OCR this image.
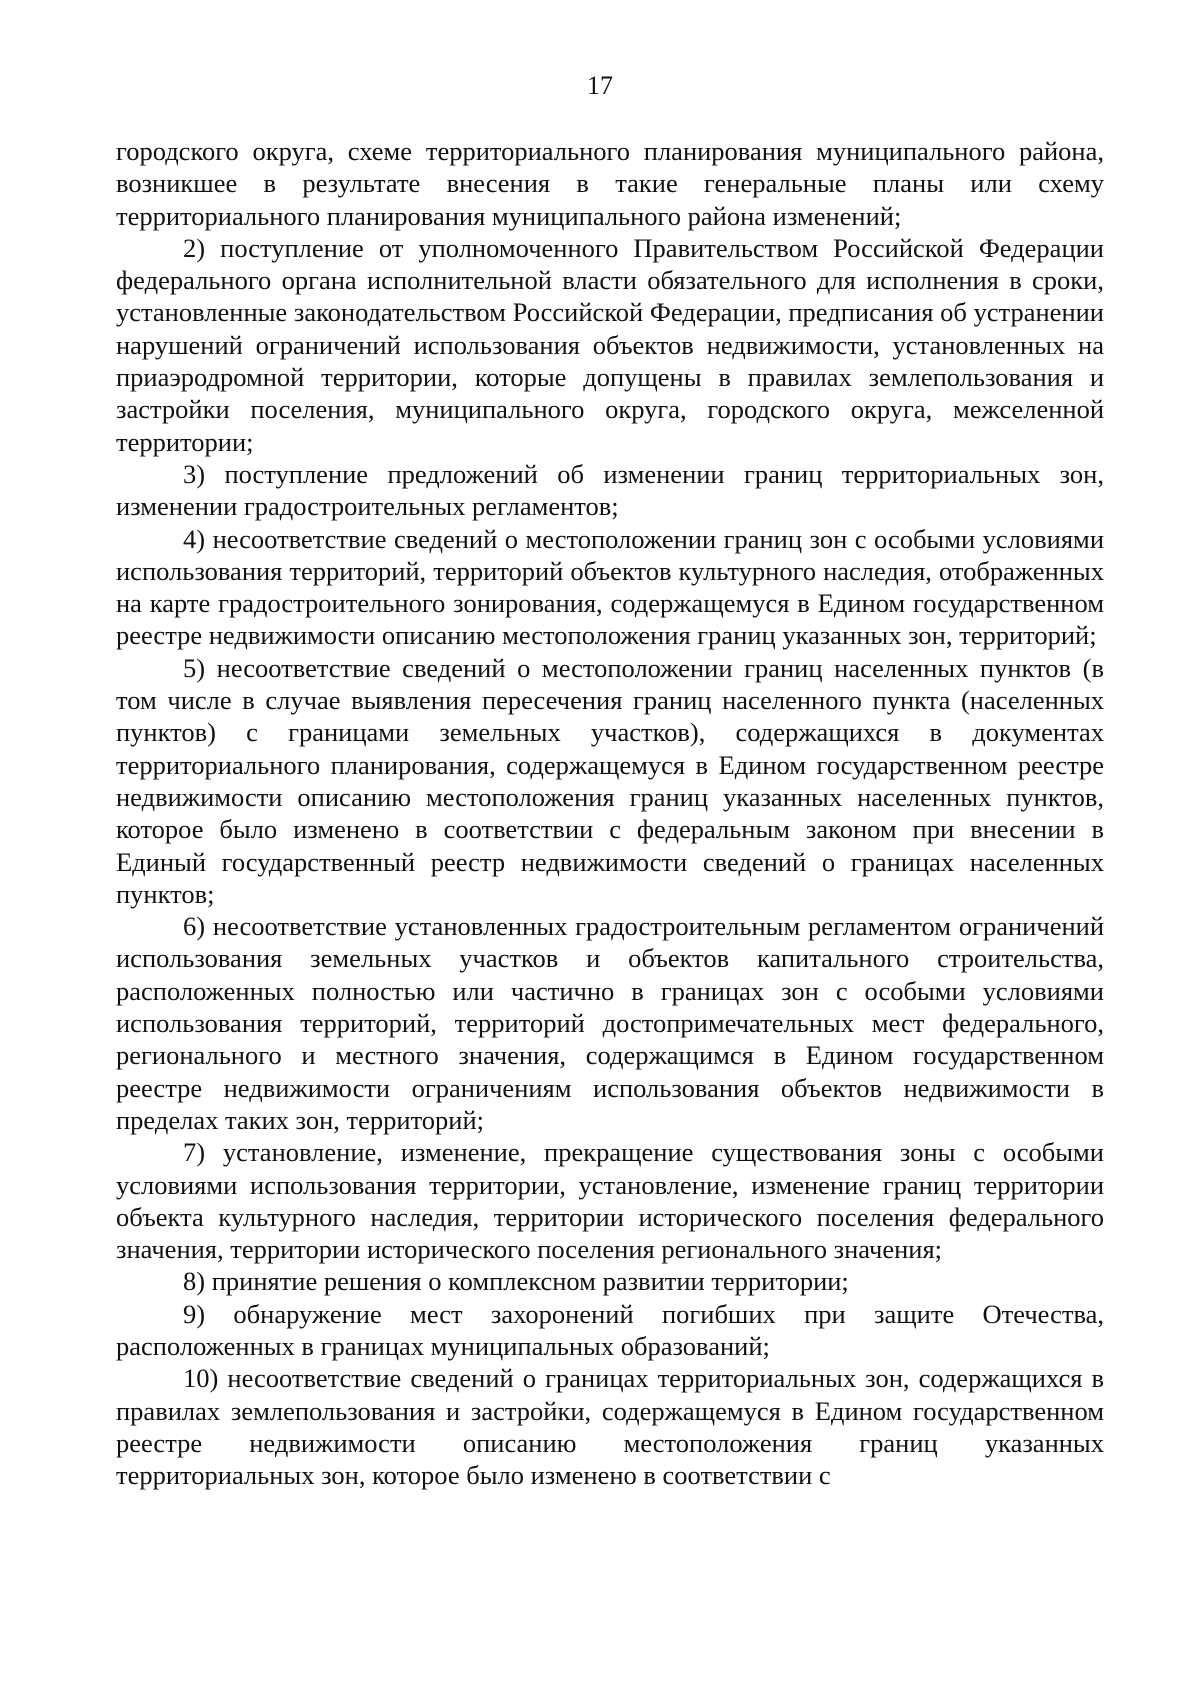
17

городского округа, схеме территориального планирования муниципального района, возникшее в результате внесения в такие генеральные планы или схему территориального планирования муниципального района изменений;

2) поступление от уполномоченного Правительством Российской Федерации федерального органа исполнительной власти обязательного для исполнения в сроки, установленные законодательством Российской Федерации, предписания об устранении нарушений ограничений использования объектов недвижимости, установленных на приаэродромной территории, которые допущены в правилах землепользования и застройки поселения, муниципального округа, городского округа, межселенной территории;

3) поступление предложений об изменении границ территориальных зон, изменении градостроительных регламентов;

4) несоответствие сведений о местоположении границ зон с особыми условиями использования территорий, территорий объектов культурного наследия, отображенных на карте градостроительного зонирования, содержащемуся в Едином государственном реестре недвижимости описанию местоположения границ указанных зон, территорий;

5) несоответствие сведений о местоположении границ населенных пунктов (в том числе в случае выявления пересечения границ населенного пункта (населенных пунктов) с границами земельных участков), содержащихся в документах территориального планирования, содержащемуся в Едином государственном реестре недвижимости описанию местоположения границ указанных населенных пунктов, которое было изменено в соответствии с федеральным законом при внесении в Единый государственный реестр недвижимости сведений о границах населенных пунктов;

6) несоответствие установленных градостроительным регламентом ограничений использования земельных участков и объектов капитального строительства, расположенных полностью или частично в границах зон с особыми условиями использования территорий, территорий достопримечательных мест федерального, регионального и местного значения, содержащимся в Едином государственном реестре недвижимости ограничениям использования объектов недвижимости в пределах таких зон, территорий;

7) установление, изменение, прекращение существования зоны с особыми условиями использования территории, установление, изменение границ территории объекта культурного наследия, территории исторического поселения федерального значения, территории исторического поселения регионального значения;

8) принятие решения о комплексном развитии территории;

9) обнаружение мест захоронений погибших при защите Отечества, расположенных в границах муниципальных образований;

10) несоответствие сведений о границах территориальных зон, содержащихся в правилах землепользования и застройки, содержащемуся в Едином государственном реестре недвижимости описанию местоположения границ указанных территориальных зон, которое было изменено в соответствии с
